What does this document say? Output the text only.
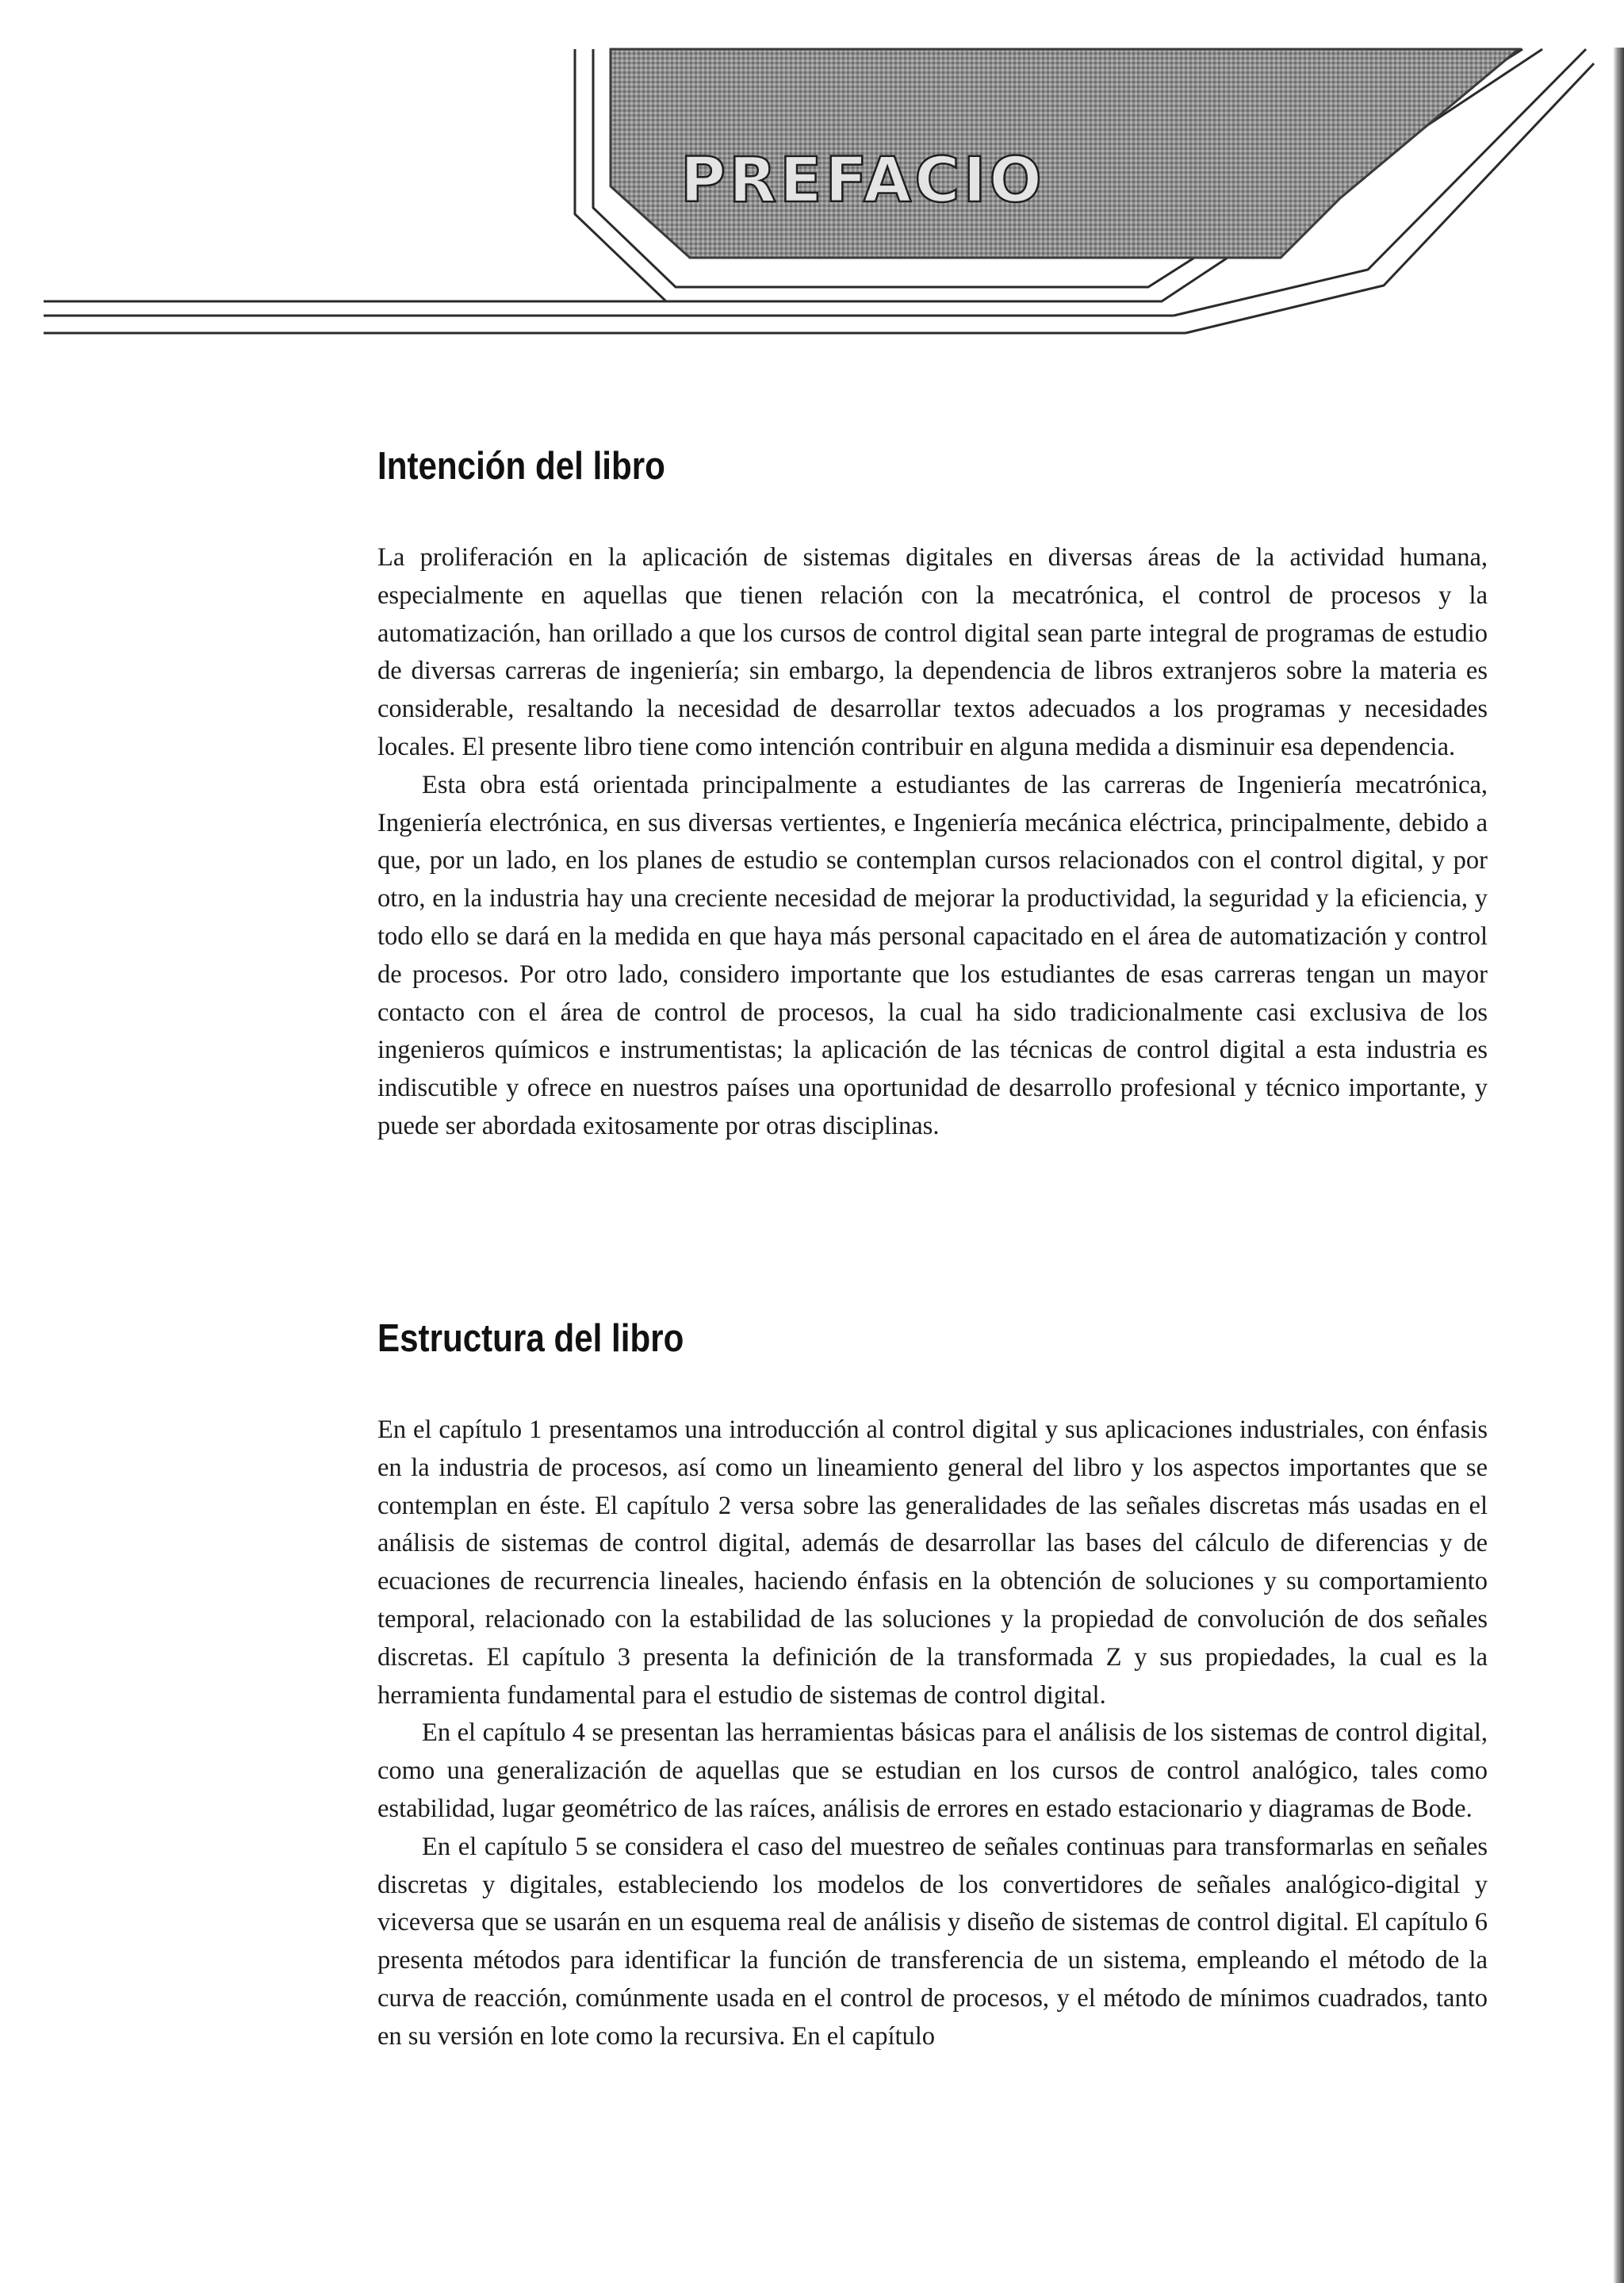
PREFACIO
Intención del libro

La proliferación en la aplicación de sistemas digitales en diversas áreas de la actividad humana, especialmente en aquellas que tienen relación con la mecatrónica, el control de procesos y la automatización, han orillado a que los cursos de control digital sean parte integral de programas de estudio de diversas carreras de ingeniería; sin embargo, la dependencia de libros extranjeros sobre la materia es considerable, resaltando la necesidad de desarrollar textos adecuados a los programas y necesidades locales. El presente libro tiene como intención contribuir en alguna medida a disminuir esa dependencia.

Esta obra está orientada principalmente a estudiantes de las carreras de Ingeniería mecatrónica, Ingeniería electrónica, en sus diversas vertientes, e Ingeniería mecánica eléctrica, principalmente, debido a que, por un lado, en los planes de estudio se contemplan cursos relacionados con el control digital, y por otro, en la industria hay una creciente necesidad de mejorar la productividad, la seguridad y la eficiencia, y todo ello se dará en la medida en que haya más personal capacitado en el área de automatización y control de procesos. Por otro lado, considero importante que los estudiantes de esas carreras tengan un mayor contacto con el área de control de procesos, la cual ha sido tradicionalmente casi exclusiva de los ingenieros químicos e instrumentistas; la aplicación de las técnicas de control digital a esta industria es indiscutible y ofrece en nuestros países una oportunidad de desarrollo profesional y técnico importante, y puede ser abordada exitosamente por otras disciplinas.

Estructura del libro

En el capítulo 1 presentamos una introducción al control digital y sus aplicaciones industriales, con énfasis en la industria de procesos, así como un lineamiento general del libro y los aspectos importantes que se contemplan en éste. El capítulo 2 versa sobre las generalidades de las señales discretas más usadas en el análisis de sistemas de control digital, además de desarrollar las bases del cálculo de diferencias y de ecuaciones de recurrencia lineales, haciendo énfasis en la obtención de soluciones y su comportamiento temporal, relacionado con la estabilidad de las soluciones y la propiedad de convolución de dos señales discretas. El capítulo 3 presenta la definición de la transformada Z y sus propiedades, la cual es la herramienta fundamental para el estudio de sistemas de control digital.

En el capítulo 4 se presentan las herramientas básicas para el análisis de los sistemas de control digital, como una generalización de aquellas que se estudian en los cursos de control analógico, tales como estabilidad, lugar geométrico de las raíces, análisis de errores en estado estacionario y diagramas de Bode.

En el capítulo 5 se considera el caso del muestreo de señales continuas para transformarlas en señales discretas y digitales, estableciendo los modelos de los convertidores de señales analógico-digital y viceversa que se usarán en un esquema real de análisis y diseño de sistemas de control digital. El capítulo 6 presenta métodos para identificar la función de transferencia de un sistema, empleando el método de la curva de reacción, comúnmente usada en el control de procesos, y el método de mínimos cuadrados, tanto en su versión en lote como la recursiva. En el capítulo
